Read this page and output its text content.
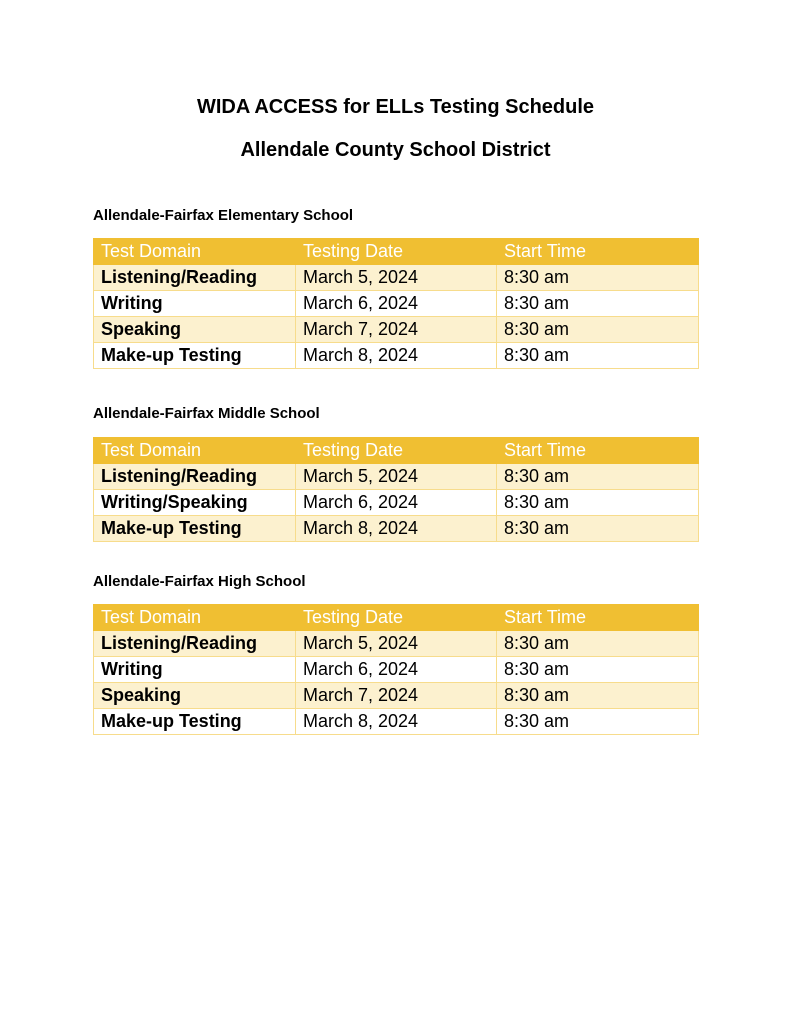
WIDA ACCESS for ELLs Testing Schedule
Allendale County School District
Allendale-Fairfax Elementary School
Test Domain	Testing Date	Start Time
Listening/Reading	March 5, 2024	8:30 am
Writing	March 6, 2024	8:30 am
Speaking	March 7, 2024	8:30 am
Make-up Testing	March 8, 2024	8:30 am
Allendale-Fairfax Middle School
Test Domain	Testing Date	Start Time
Listening/Reading	March 5, 2024	8:30 am
Writing/Speaking	March 6, 2024	8:30 am
Make-up Testing	March 8, 2024	8:30 am
Allendale-Fairfax High School
Test Domain	Testing Date	Start Time
Listening/Reading	March 5, 2024	8:30 am
Writing	March 6, 2024	8:30 am
Speaking	March 7, 2024	8:30 am
Make-up Testing	March 8, 2024	8:30 am
